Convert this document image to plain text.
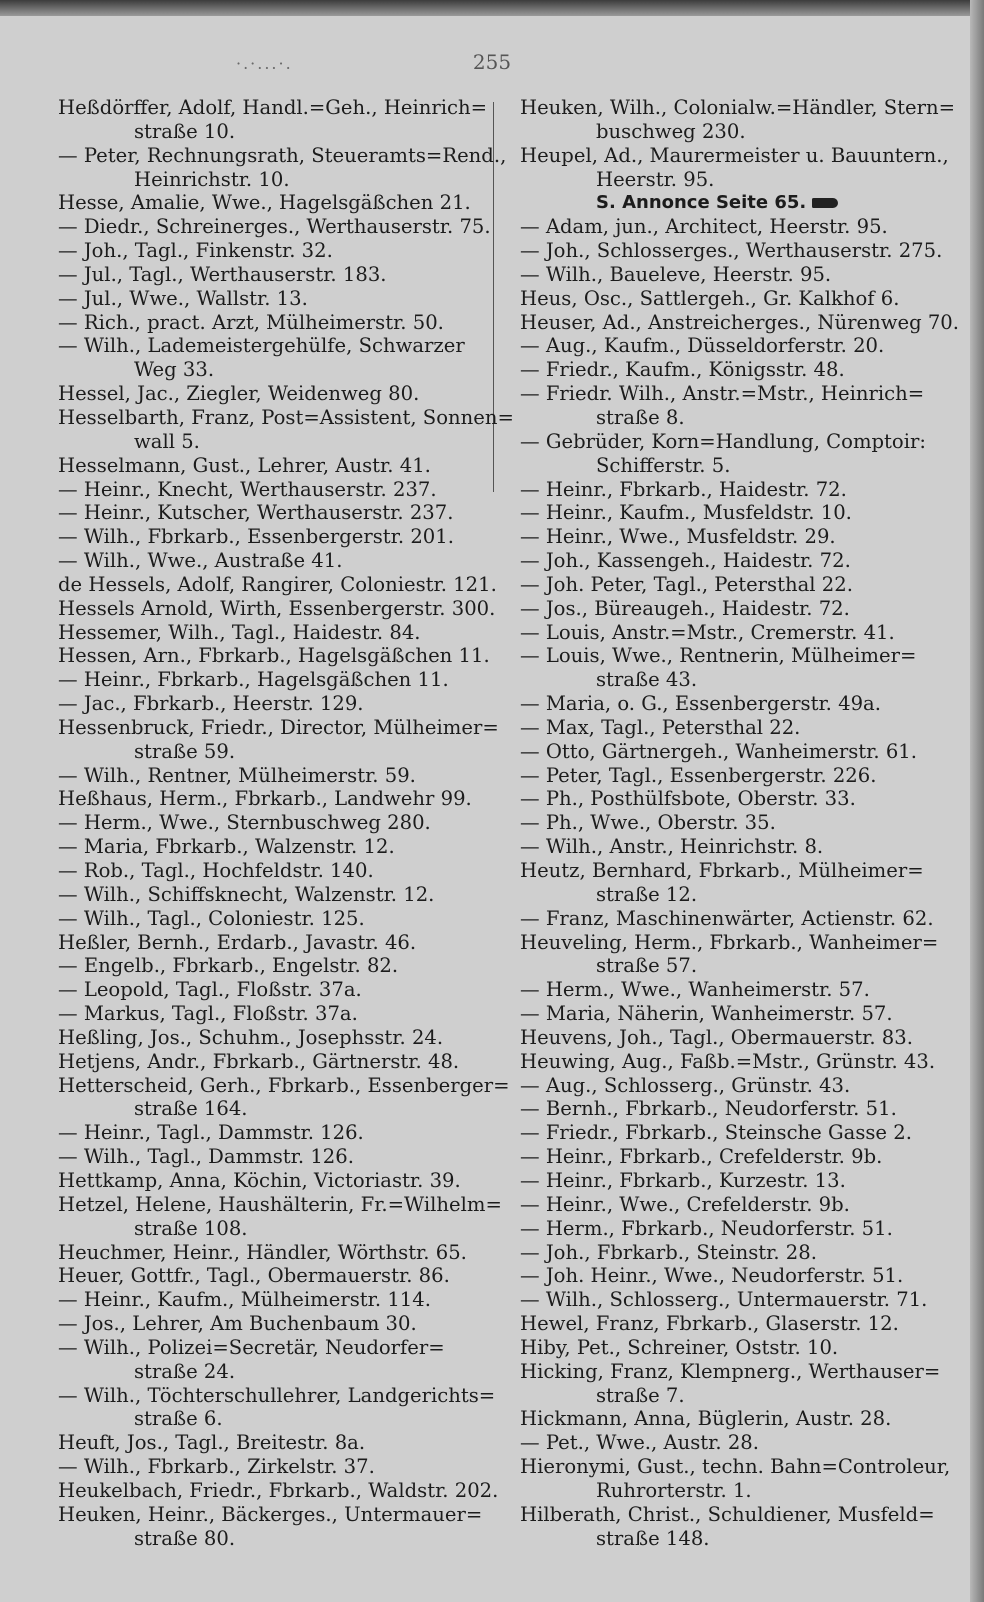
·.·...·.	255
Heßdörffer, Adolf, Handl.=Geh., Heinrich=
straße 10.
— Peter, Rechnungsrath, Steueramts=Rend.,
Heinrichstr. 10.
Hesse, Amalie, Wwe., Hagelsgäßchen 21.
— Diedr., Schreinerges., Werthauserstr. 75.
— Joh., Tagl., Finkenstr. 32.
— Jul., Tagl., Werthauserstr. 183.
— Jul., Wwe., Wallstr. 13.
— Rich., pract. Arzt, Mülheimerstr. 50.
— Wilh., Lademeistergehülfe, Schwarzer
Weg 33.
Hessel, Jac., Ziegler, Weidenweg 80.
Hesselbarth, Franz, Post=Assistent, Sonnen=
wall 5.
Hesselmann, Gust., Lehrer, Austr. 41.
— Heinr., Knecht, Werthauserstr. 237.
— Heinr., Kutscher, Werthauserstr. 237.
— Wilh., Fbrkarb., Essenbergerstr. 201.
— Wilh., Wwe., Austraße 41.
de Hessels, Adolf, Rangirer, Coloniestr. 121.
Hessels Arnold, Wirth, Essenbergerstr. 300.
Hessemer, Wilh., Tagl., Haidestr. 84.
Hessen, Arn., Fbrkarb., Hagelsgäßchen 11.
— Heinr., Fbrkarb., Hagelsgäßchen 11.
— Jac., Fbrkarb., Heerstr. 129.
Hessenbruck, Friedr., Director, Mülheimer=
straße 59.
— Wilh., Rentner, Mülheimerstr. 59.
Heßhaus, Herm., Fbrkarb., Landwehr 99.
— Herm., Wwe., Sternbuschweg 280.
— Maria, Fbrkarb., Walzenstr. 12.
— Rob., Tagl., Hochfeldstr. 140.
— Wilh., Schiffsknecht, Walzenstr. 12.
— Wilh., Tagl., Coloniestr. 125.
Heßler, Bernh., Erdarb., Javastr. 46.
— Engelb., Fbrkarb., Engelstr. 82.
— Leopold, Tagl., Floßstr. 37a.
— Markus, Tagl., Floßstr. 37a.
Heßling, Jos., Schuhm., Josephsstr. 24.
Hetjens, Andr., Fbrkarb., Gärtnerstr. 48.
Hetterscheid, Gerh., Fbrkarb., Essenberger=
straße 164.
— Heinr., Tagl., Dammstr. 126.
— Wilh., Tagl., Dammstr. 126.
Hettkamp, Anna, Köchin, Victoriastr. 39.
Hetzel, Helene, Haushälterin, Fr.=Wilhelm=
straße 108.
Heuchmer, Heinr., Händler, Wörthstr. 65.
Heuer, Gottfr., Tagl., Obermauerstr. 86.
— Heinr., Kaufm., Mülheimerstr. 114.
— Jos., Lehrer, Am Buchenbaum 30.
— Wilh., Polizei=Secretär, Neudorfer=
straße 24.
— Wilh., Töchterschullehrer, Landgerichts=
straße 6.
Heuft, Jos., Tagl., Breitestr. 8a.
— Wilh., Fbrkarb., Zirkelstr. 37.
Heukelbach, Friedr., Fbrkarb., Waldstr. 202.
Heuken, Heinr., Bäckerges., Untermauer=
straße 80.
Heuken, Wilh., Colonialw.=Händler, Stern=
buschweg 230.
Heupel, Ad., Maurermeister u. Bauuntern.,
Heerstr. 95.
S. Annonce Seite 65.
— Adam, jun., Architect, Heerstr. 95.
— Joh., Schlosserges., Werthauserstr. 275.
— Wilh., Baueleve, Heerstr. 95.
Heus, Osc., Sattlergeh., Gr. Kalkhof 6.
Heuser, Ad., Anstreicherges., Nürenweg 70.
— Aug., Kaufm., Düsseldorferstr. 20.
— Friedr., Kaufm., Königsstr. 48.
— Friedr. Wilh., Anstr.=Mstr., Heinrich=
straße 8.
— Gebrüder, Korn=Handlung, Comptoir:
Schifferstr. 5.
— Heinr., Fbrkarb., Haidestr. 72.
— Heinr., Kaufm., Musfeldstr. 10.
— Heinr., Wwe., Musfeldstr. 29.
— Joh., Kassengeh., Haidestr. 72.
— Joh. Peter, Tagl., Petersthal 22.
— Jos., Büreaugeh., Haidestr. 72.
— Louis, Anstr.=Mstr., Cremerstr. 41.
— Louis, Wwe., Rentnerin, Mülheimer=
straße 43.
— Maria, o. G., Essenbergerstr. 49a.
— Max, Tagl., Petersthal 22.
— Otto, Gärtnergeh., Wanheimerstr. 61.
— Peter, Tagl., Essenbergerstr. 226.
— Ph., Posthülfsbote, Oberstr. 33.
— Ph., Wwe., Oberstr. 35.
— Wilh., Anstr., Heinrichstr. 8.
Heutz, Bernhard, Fbrkarb., Mülheimer=
straße 12.
— Franz, Maschinenwärter, Actienstr. 62.
Heuveling, Herm., Fbrkarb., Wanheimer=
straße 57.
— Herm., Wwe., Wanheimerstr. 57.
— Maria, Näherin, Wanheimerstr. 57.
Heuvens, Joh., Tagl., Obermauerstr. 83.
Heuwing, Aug., Faßb.=Mstr., Grünstr. 43.
— Aug., Schlosserg., Grünstr. 43.
— Bernh., Fbrkarb., Neudorferstr. 51.
— Friedr., Fbrkarb., Steinsche Gasse 2.
— Heinr., Fbrkarb., Crefelderstr. 9b.
— Heinr., Fbrkarb., Kurzestr. 13.
— Heinr., Wwe., Crefelderstr. 9b.
— Herm., Fbrkarb., Neudorferstr. 51.
— Joh., Fbrkarb., Steinstr. 28.
— Joh. Heinr., Wwe., Neudorferstr. 51.
— Wilh., Schlosserg., Untermauerstr. 71.
Hewel, Franz, Fbrkarb., Glaserstr. 12.
Hiby, Pet., Schreiner, Oststr. 10.
Hicking, Franz, Klempnerg., Werthauser=
straße 7.
Hickmann, Anna, Büglerin, Austr. 28.
— Pet., Wwe., Austr. 28.
Hieronymi, Gust., techn. Bahn=Controleur,
Ruhrorterstr. 1.
Hilberath, Christ., Schuldiener, Musfeld=
straße 148.
